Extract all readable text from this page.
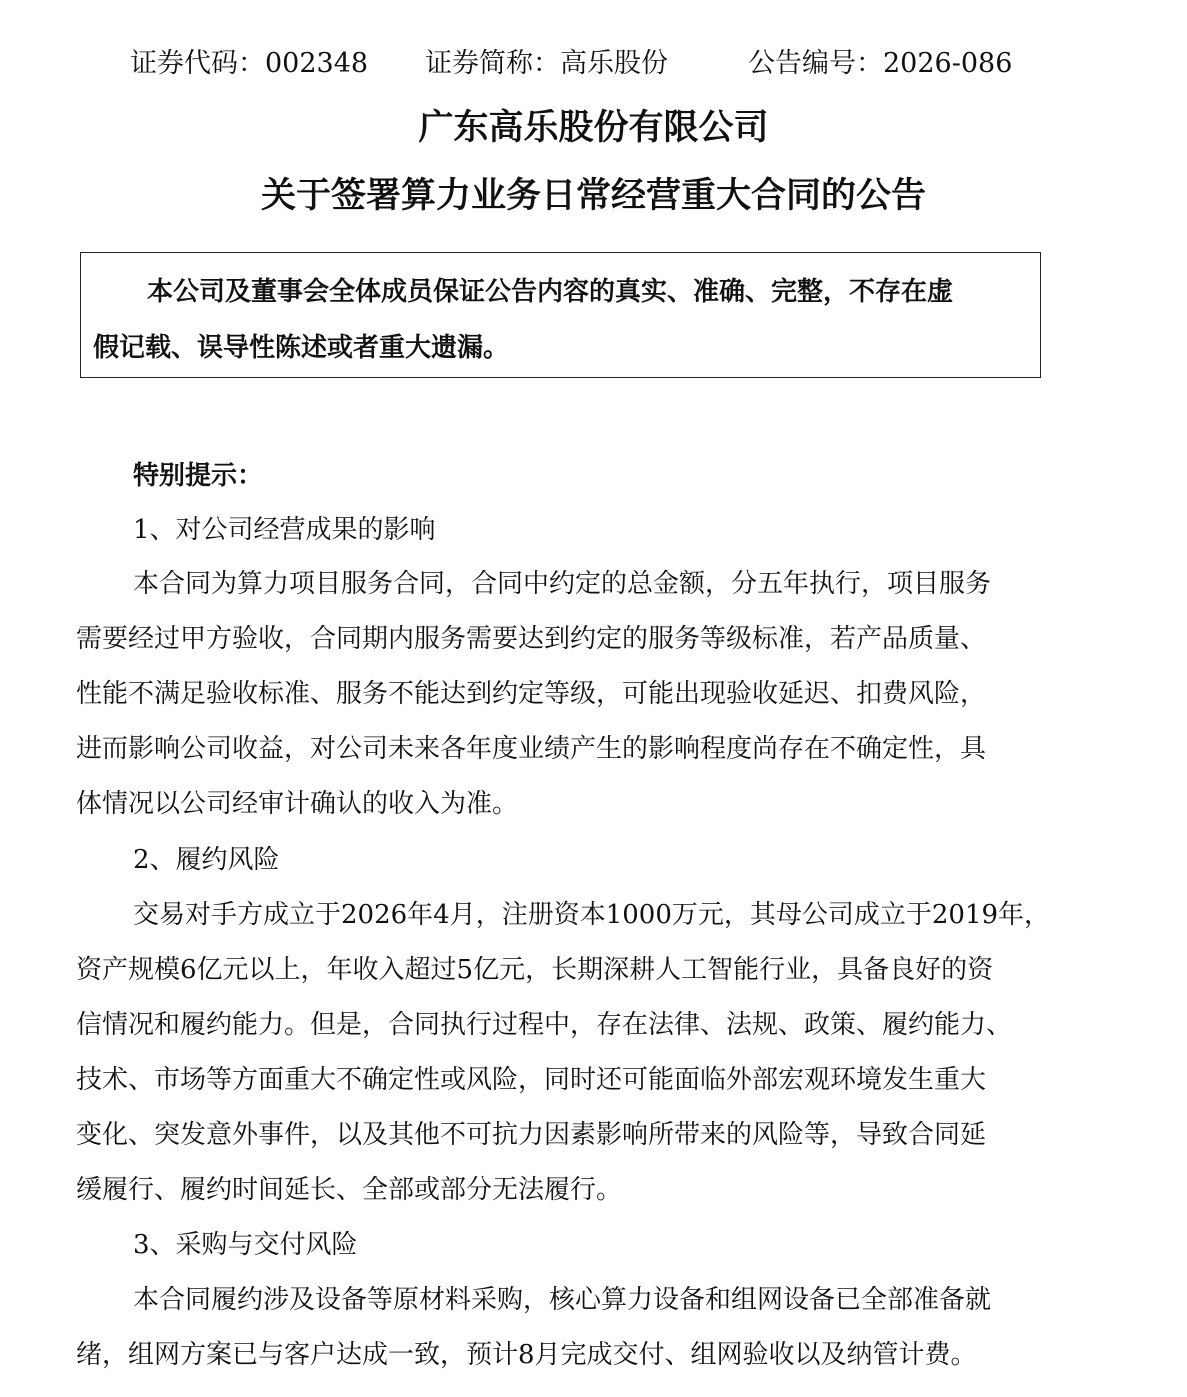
证券代码：002348 证券简称：高乐股份	公告编号：2026-086
广东高乐股份有限公司
关于签署算力业务日常经营重大合同的公告
本公司及董事会全体成员保证公告内容的真实、准确、完整，不存在虚
假记载、误导性陈述或者重大遗漏。
特别提示：
1、对公司经营成果的影响
本合同为算力项目服务合同，合同中约定的总金额，分五年执行，项目服务
需要经过甲方验收，合同期内服务需要达到约定的服务等级标准，若产品质量、
性能不满足验收标准、服务不能达到约定等级，可能出现验收延迟、扣费风险，
进而影响公司收益，对公司未来各年度业绩产生的影响程度尚存在不确定性，具
体情况以公司经审计确认的收入为准。
2、履约风险
交易对手方成立于2026年4月，注册资本1000万元，其母公司成立于2019年，
资产规模6亿元以上，年收入超过5亿元，长期深耕人工智能行业，具备良好的资
信情况和履约能力。但是，合同执行过程中，存在法律、法规、政策、履约能力、
技术、市场等方面重大不确定性或风险，同时还可能面临外部宏观环境发生重大
变化、突发意外事件，以及其他不可抗力因素影响所带来的风险等，导致合同延
缓履行、履约时间延长、全部或部分无法履行。
3、采购与交付风险
本合同履约涉及设备等原材料采购，核心算力设备和组网设备已全部准备就
绪，组网方案已与客户达成一致，预计8月完成交付、组网验收以及纳管计费。
